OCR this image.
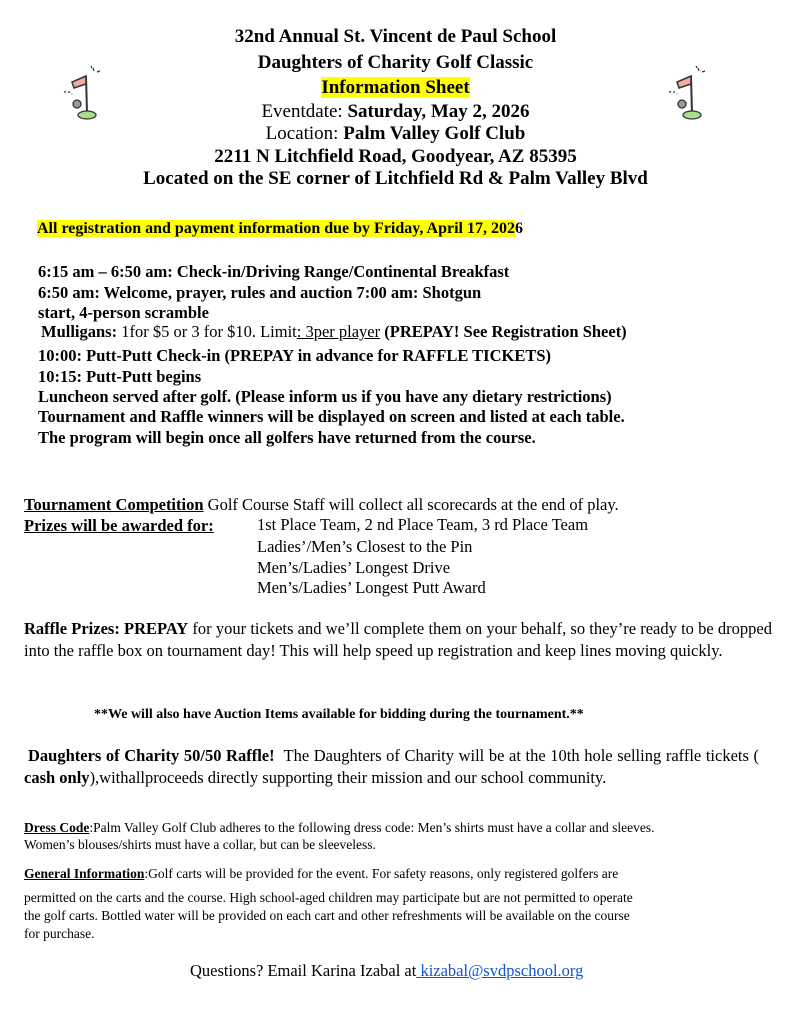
32nd Annual St. Vincent de Paul School
Daughters of Charity Golf Classic
Information Sheet
Eventdate: Saturday, May 2, 2026
Location: Palm Valley Golf Club
2211 N Litchfield Road, Goodyear, AZ 85395
Located on the SE corner of Litchfield Rd & Palm Valley Blvd
All registration and payment information due by Friday, April 17, 2026
6:15 am – 6:50 am: Check-in/Driving Range/Continental Breakfast
6:50 am: Welcome, prayer, rules and auction 7:00 am: Shotgun
start, 4-person scramble
Mulligans: 1for $5 or 3 for $10. Limit: 3per player (PREPAY! See Registration Sheet)
10:00: Putt-Putt Check-in (PREPAY in advance for RAFFLE TICKETS)
10:15: Putt-Putt begins
Luncheon served after golf. (Please inform us if you have any dietary restrictions)
Tournament and Raffle winners will be displayed on screen and listed at each table.
The program will begin once all golfers have returned from the course.
Tournament Competition Golf Course Staff will collect all scorecards at the end of play.
Prizes will be awarded for:	1st Place Team, 2 nd Place Team, 3 rd Place Team
Ladies’/Men’s Closest to the Pin
Men’s/Ladies’ Longest Drive
Men’s/Ladies’ Longest Putt Award
Raffle Prizes: PREPAY for your tickets and we’ll complete them on your behalf, so they’re ready to be dropped into the raffle box on tournament day! This will help speed up registration and keep lines moving quickly.
**We will also have Auction Items available for bidding during the tournament.**
Daughters of Charity 50/50 Raffle!  The Daughters of Charity will be at the 10th hole selling raffle tickets ( cash only),withallproceeds directly supporting their mission and our school community.
Dress Code:Palm Valley Golf Club adheres to the following dress code: Men’s shirts must have a collar and sleeves.
Women’s blouses/shirts must have a collar, but can be sleeveless.
General Information:Golf carts will be provided for the event. For safety reasons, only registered golfers are
permitted on the carts and the course. High school-aged children may participate but are not permitted to operate
the golf carts. Bottled water will be provided on each cart and other refreshments will be available on the course
for purchase.
Questions? Email Karina Izabal at kizabal@svdpschool.org
